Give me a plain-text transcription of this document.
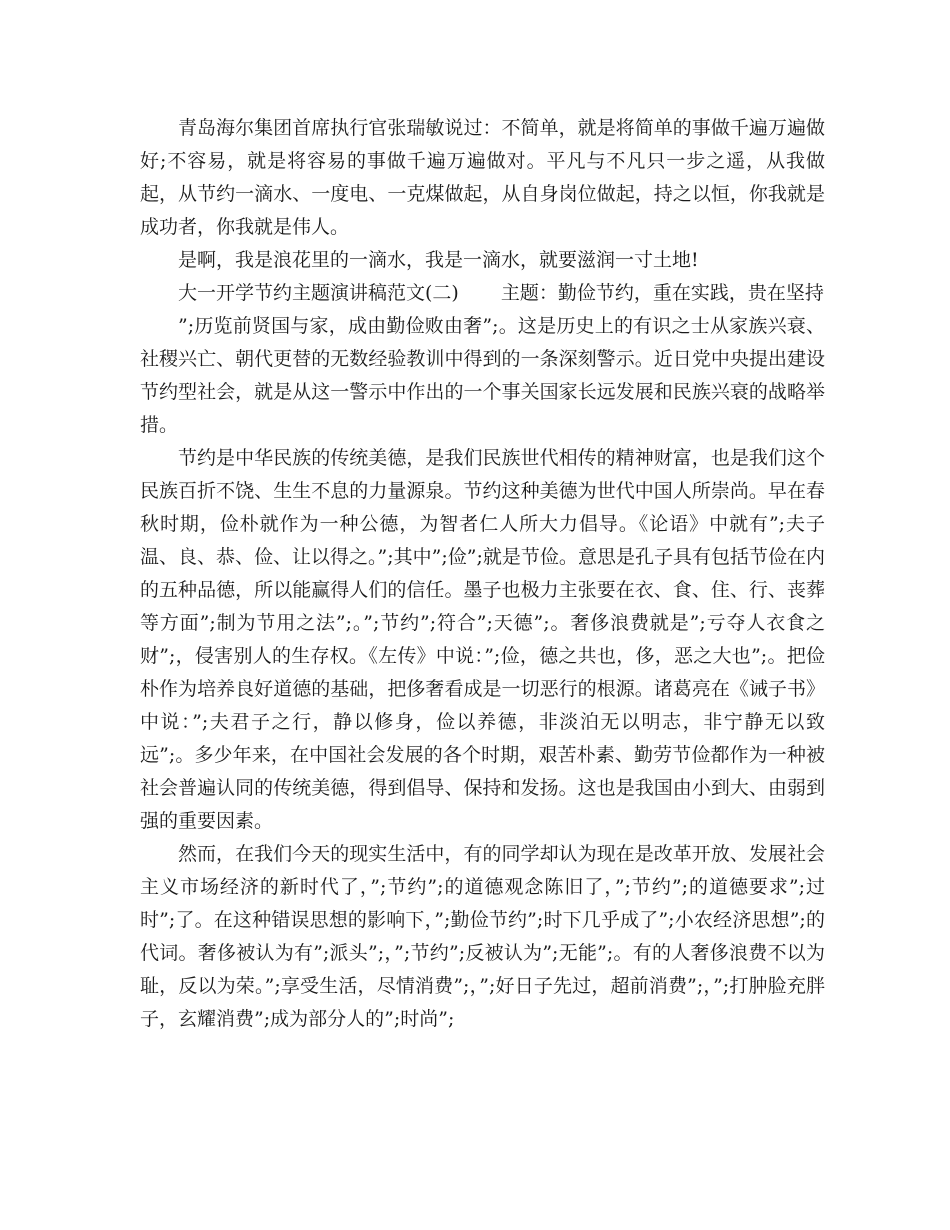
青岛海尔集团首席执行官张瑞敏说过：不简单，就是将简单的事做千遍万遍做好;不容易，就是将容易的事做千遍万遍做对。平凡与不凡只一步之遥，从我做起，从节约一滴水、一度电、一克煤做起，从自身岗位做起，持之以恒，你我就是成功者，你我就是伟人。

是啊，我是浪花里的一滴水，我是一滴水，就要滋润一寸土地!

大一开学节约主题演讲稿范文(二) 主题：勤俭节约，重在实践，贵在坚持

”;历览前贤国与家，成由勤俭败由奢”;。这是历史上的有识之士从家族兴衰、社稷兴亡、朝代更替的无数经验教训中得到的一条深刻警示。近日党中央提出建设节约型社会，就是从这一警示中作出的一个事关国家长远发展和民族兴衰的战略举措。

节约是中华民族的传统美德，是我们民族世代相传的精神财富，也是我们这个民族百折不饶、生生不息的力量源泉。节约这种美德为世代中国人所崇尚。早在春秋时期，俭朴就作为一种公德，为智者仁人所大力倡导。《论语》中就有”;夫子温、良、恭、俭、让以得之。”;其中”;俭”;就是节俭。意思是孔子具有包括节俭在内的五种品德，所以能赢得人们的信任。墨子也极力主张要在衣、食、住、行、丧葬等方面”;制为节用之法”;。”;节约”;符合”;天德”;。奢侈浪费就是”;亏夺人衣食之财”;，侵害别人的生存权。《左传》中说：”;俭，德之共也，侈，恶之大也”;。把俭朴作为培养良好道德的基础，把侈奢看成是一切恶行的根源。诸葛亮在《诫子书》中说：”;夫君子之行，静以修身，俭以养德，非淡泊无以明志，非宁静无以致远”;。多少年来，在中国社会发展的各个时期，艰苦朴素、勤劳节俭都作为一种被社会普遍认同的传统美德，得到倡导、保持和发扬。这也是我国由小到大、由弱到强的重要因素。

然而，在我们今天的现实生活中，有的同学却认为现在是改革开放、发展社会主义市场经济的新时代了，”;节约”;的道德观念陈旧了，”;节约”;的道德要求”;过时”;了。在这种错误思想的影响下，”;勤俭节约”;时下几乎成了”;小农经济思想”;的代词。奢侈被认为有”;派头”;，”;节约”;反被认为”;无能”;。有的人奢侈浪费不以为耻，反以为荣。”;享受生活，尽情消费”;，”;好日子先过，超前消费”;，”;打肿脸充胖子，玄耀消费”;成为部分人的”;时尚”;
